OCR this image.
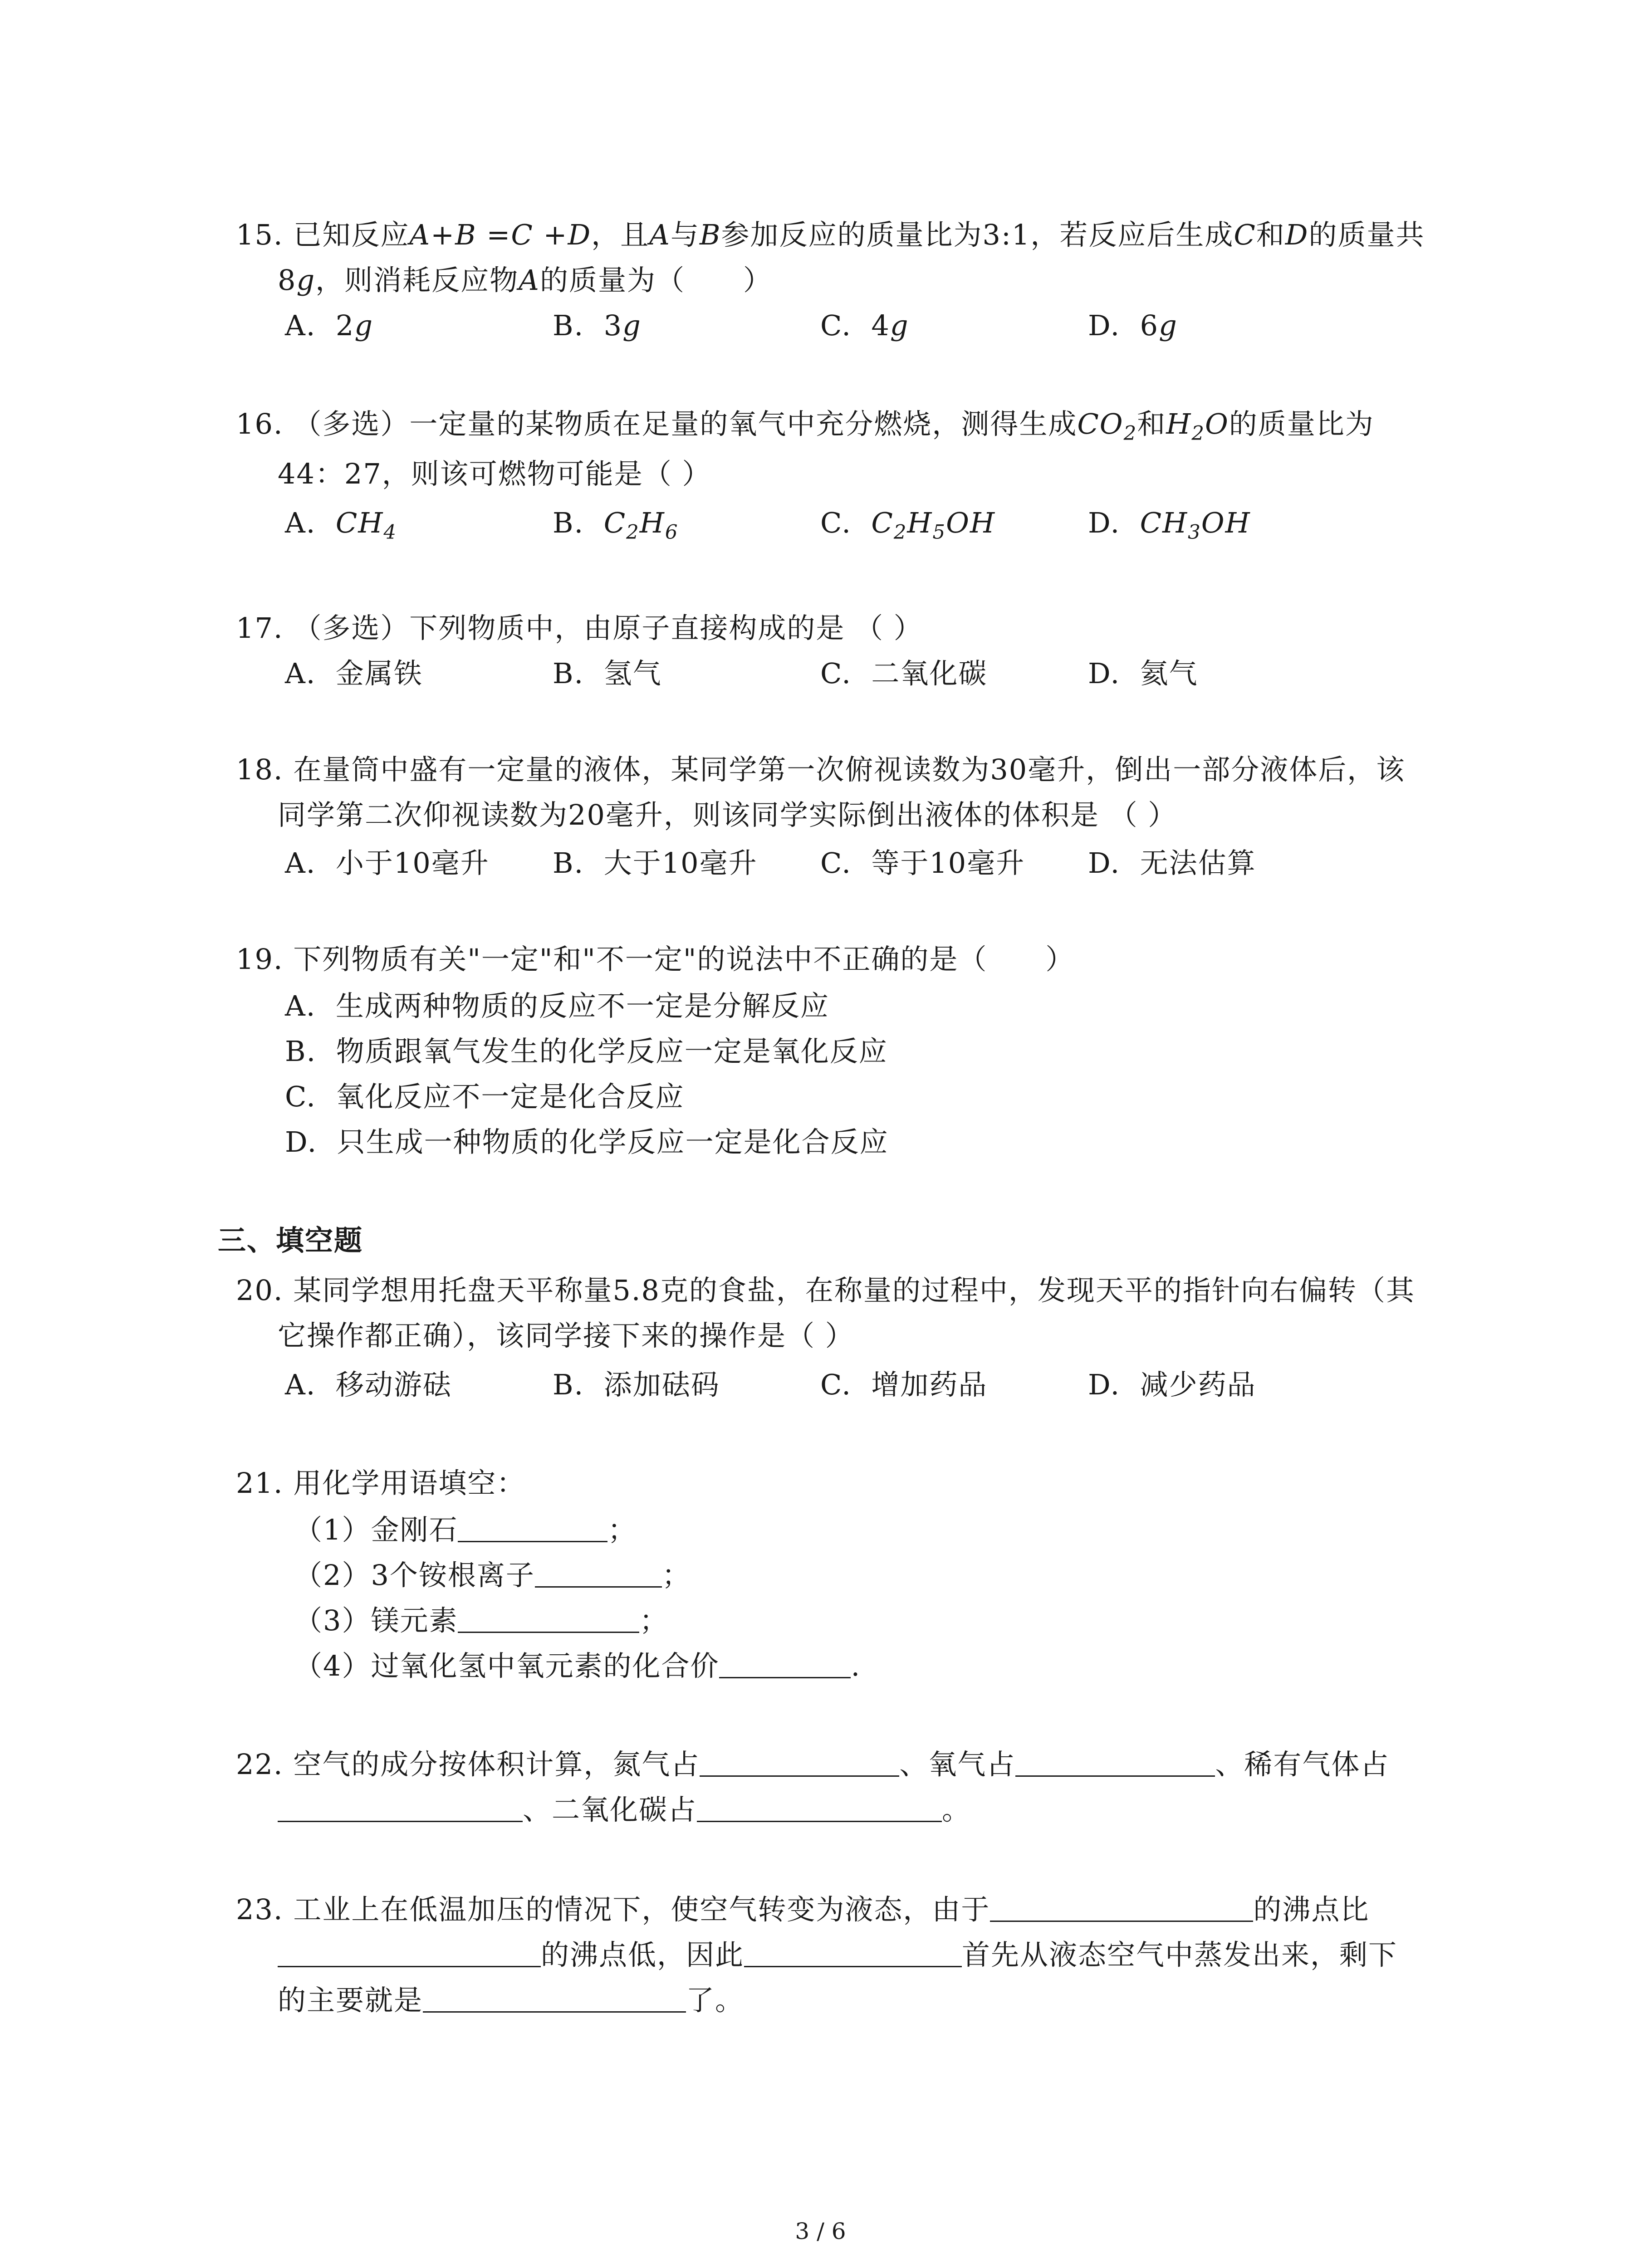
15. 已知反应A+B =C +D，且A与B参加反应的质量比为3:1，若反应后生成C和D的质量共
8g，则消耗反应物A的质量为（　　）
A. 2g	B. 3g	C. 4g	D. 6g
16. （多选）一定量的某物质在足量的氧气中充分燃烧，测得生成$CO_2$和$H_2O$的质量比为
44：27，则该可燃物可能是（ ）
A. $CH_4$	B. $C_2H_6$	C. $C_2H_5OH$	D. $CH_3OH$
17. （多选）下列物质中，由原子直接构成的是 （ ）
A. 金属铁	B. 氢气	C. 二氧化碳	D. 氦气
18. 在量筒中盛有一定量的液体，某同学第一次俯视读数为30毫升，倒出一部分液体后，该
同学第二次仰视读数为20毫升，则该同学实际倒出液体的体积是 （ ）
A. 小于10毫升 B. 大于10毫升 C. 等于10毫升 D. 无法估算
19. 下列物质有关"一定"和"不一定"的说法中不正确的是（　　）
A. 生成两种物质的反应不一定是分解反应
B. 物质跟氧气发生的化学反应一定是氧化反应
C. 氧化反应不一定是化合反应
D. 只生成一种物质的化学反应一定是化合反应
三、填空题
20. 某同学想用托盘天平称量5.8克的食盐，在称量的过程中，发现天平的指针向右偏转（其
它操作都正确），该同学接下来的操作是（ ）
A. 移动游砝	B. 添加砝码	C. 增加药品	D. 减少药品
21. 用化学用语填空：
（1）金刚石	；
（2）3个铵根离子	；
（3）镁元素	；
（4）过氧化氢中氧元素的化合价	.
22. 空气的成分按体积计算，氮气占	、氧气占	、稀有气体占
、二氧化碳占	。
23. 工业上在低温加压的情况下，使空气转变为液态，由于	的沸点比
的沸点低，因此	首先从液态空气中蒸发出来，剩下
的主要就是	了。
3 / 6
